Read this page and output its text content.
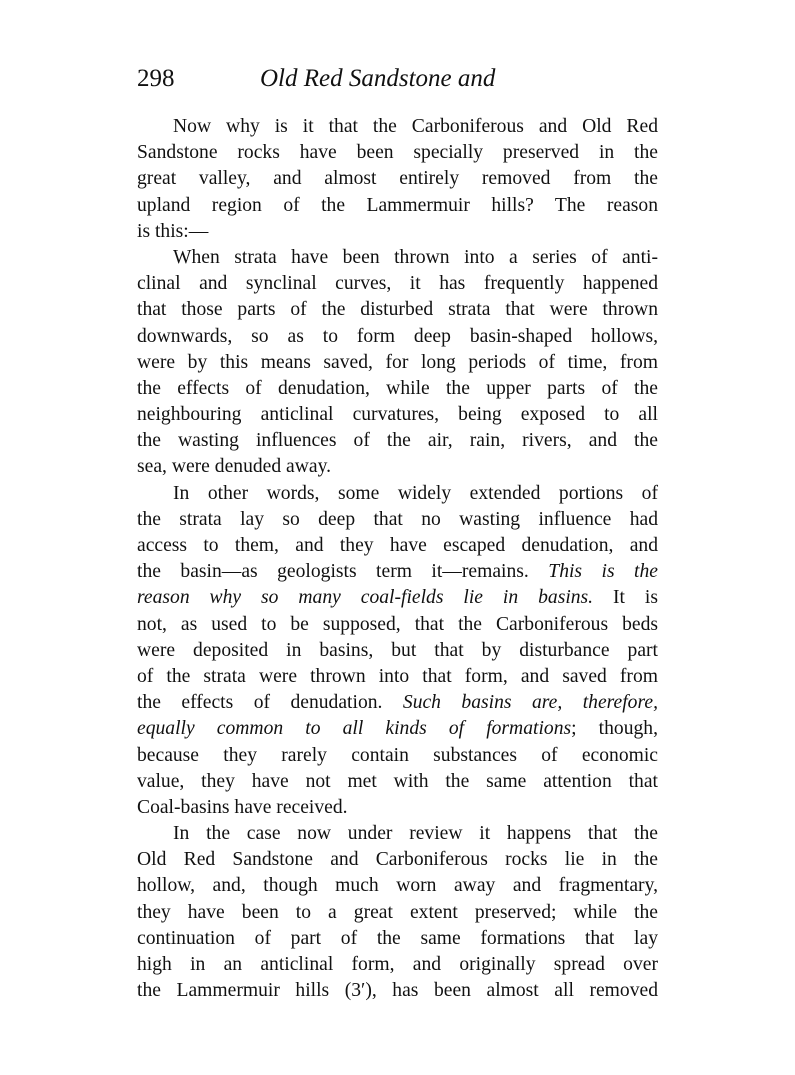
298	Old Red Sandstone and
Now why is it that the Carboniferous and Old Red
Sandstone rocks have been specially preserved in the
great valley, and almost entirely removed from the
upland region of the Lammermuir hills? The reason
is this:—
When strata have been thrown into a series of anti-
clinal and synclinal curves, it has frequently happened
that those parts of the disturbed strata that were thrown
downwards, so as to form deep basin-shaped hollows,
were by this means saved, for long periods of time, from
the effects of denudation, while the upper parts of the
neighbouring anticlinal curvatures, being exposed to all
the wasting influences of the air, rain, rivers, and the
sea, were denuded away.
In other words, some widely extended portions of
the strata lay so deep that no wasting influence had
access to them, and they have escaped denudation, and
the basin—as geologists term it—remains. This is the
reason why so many coal-fields lie in basins. It is
not, as used to be supposed, that the Carboniferous beds
were deposited in basins, but that by disturbance part
of the strata were thrown into that form, and saved from
the effects of denudation. Such basins are, therefore,
equally common to all kinds of formations; though,
because they rarely contain substances of economic
value, they have not met with the same attention that
Coal-basins have received.
In the case now under review it happens that the
Old Red Sandstone and Carboniferous rocks lie in the
hollow, and, though much worn away and fragmentary,
they have been to a great extent preserved; while the
continuation of part of the same formations that lay
high in an anticlinal form, and originally spread over
the Lammermuir hills (3′), has been almost all removed
